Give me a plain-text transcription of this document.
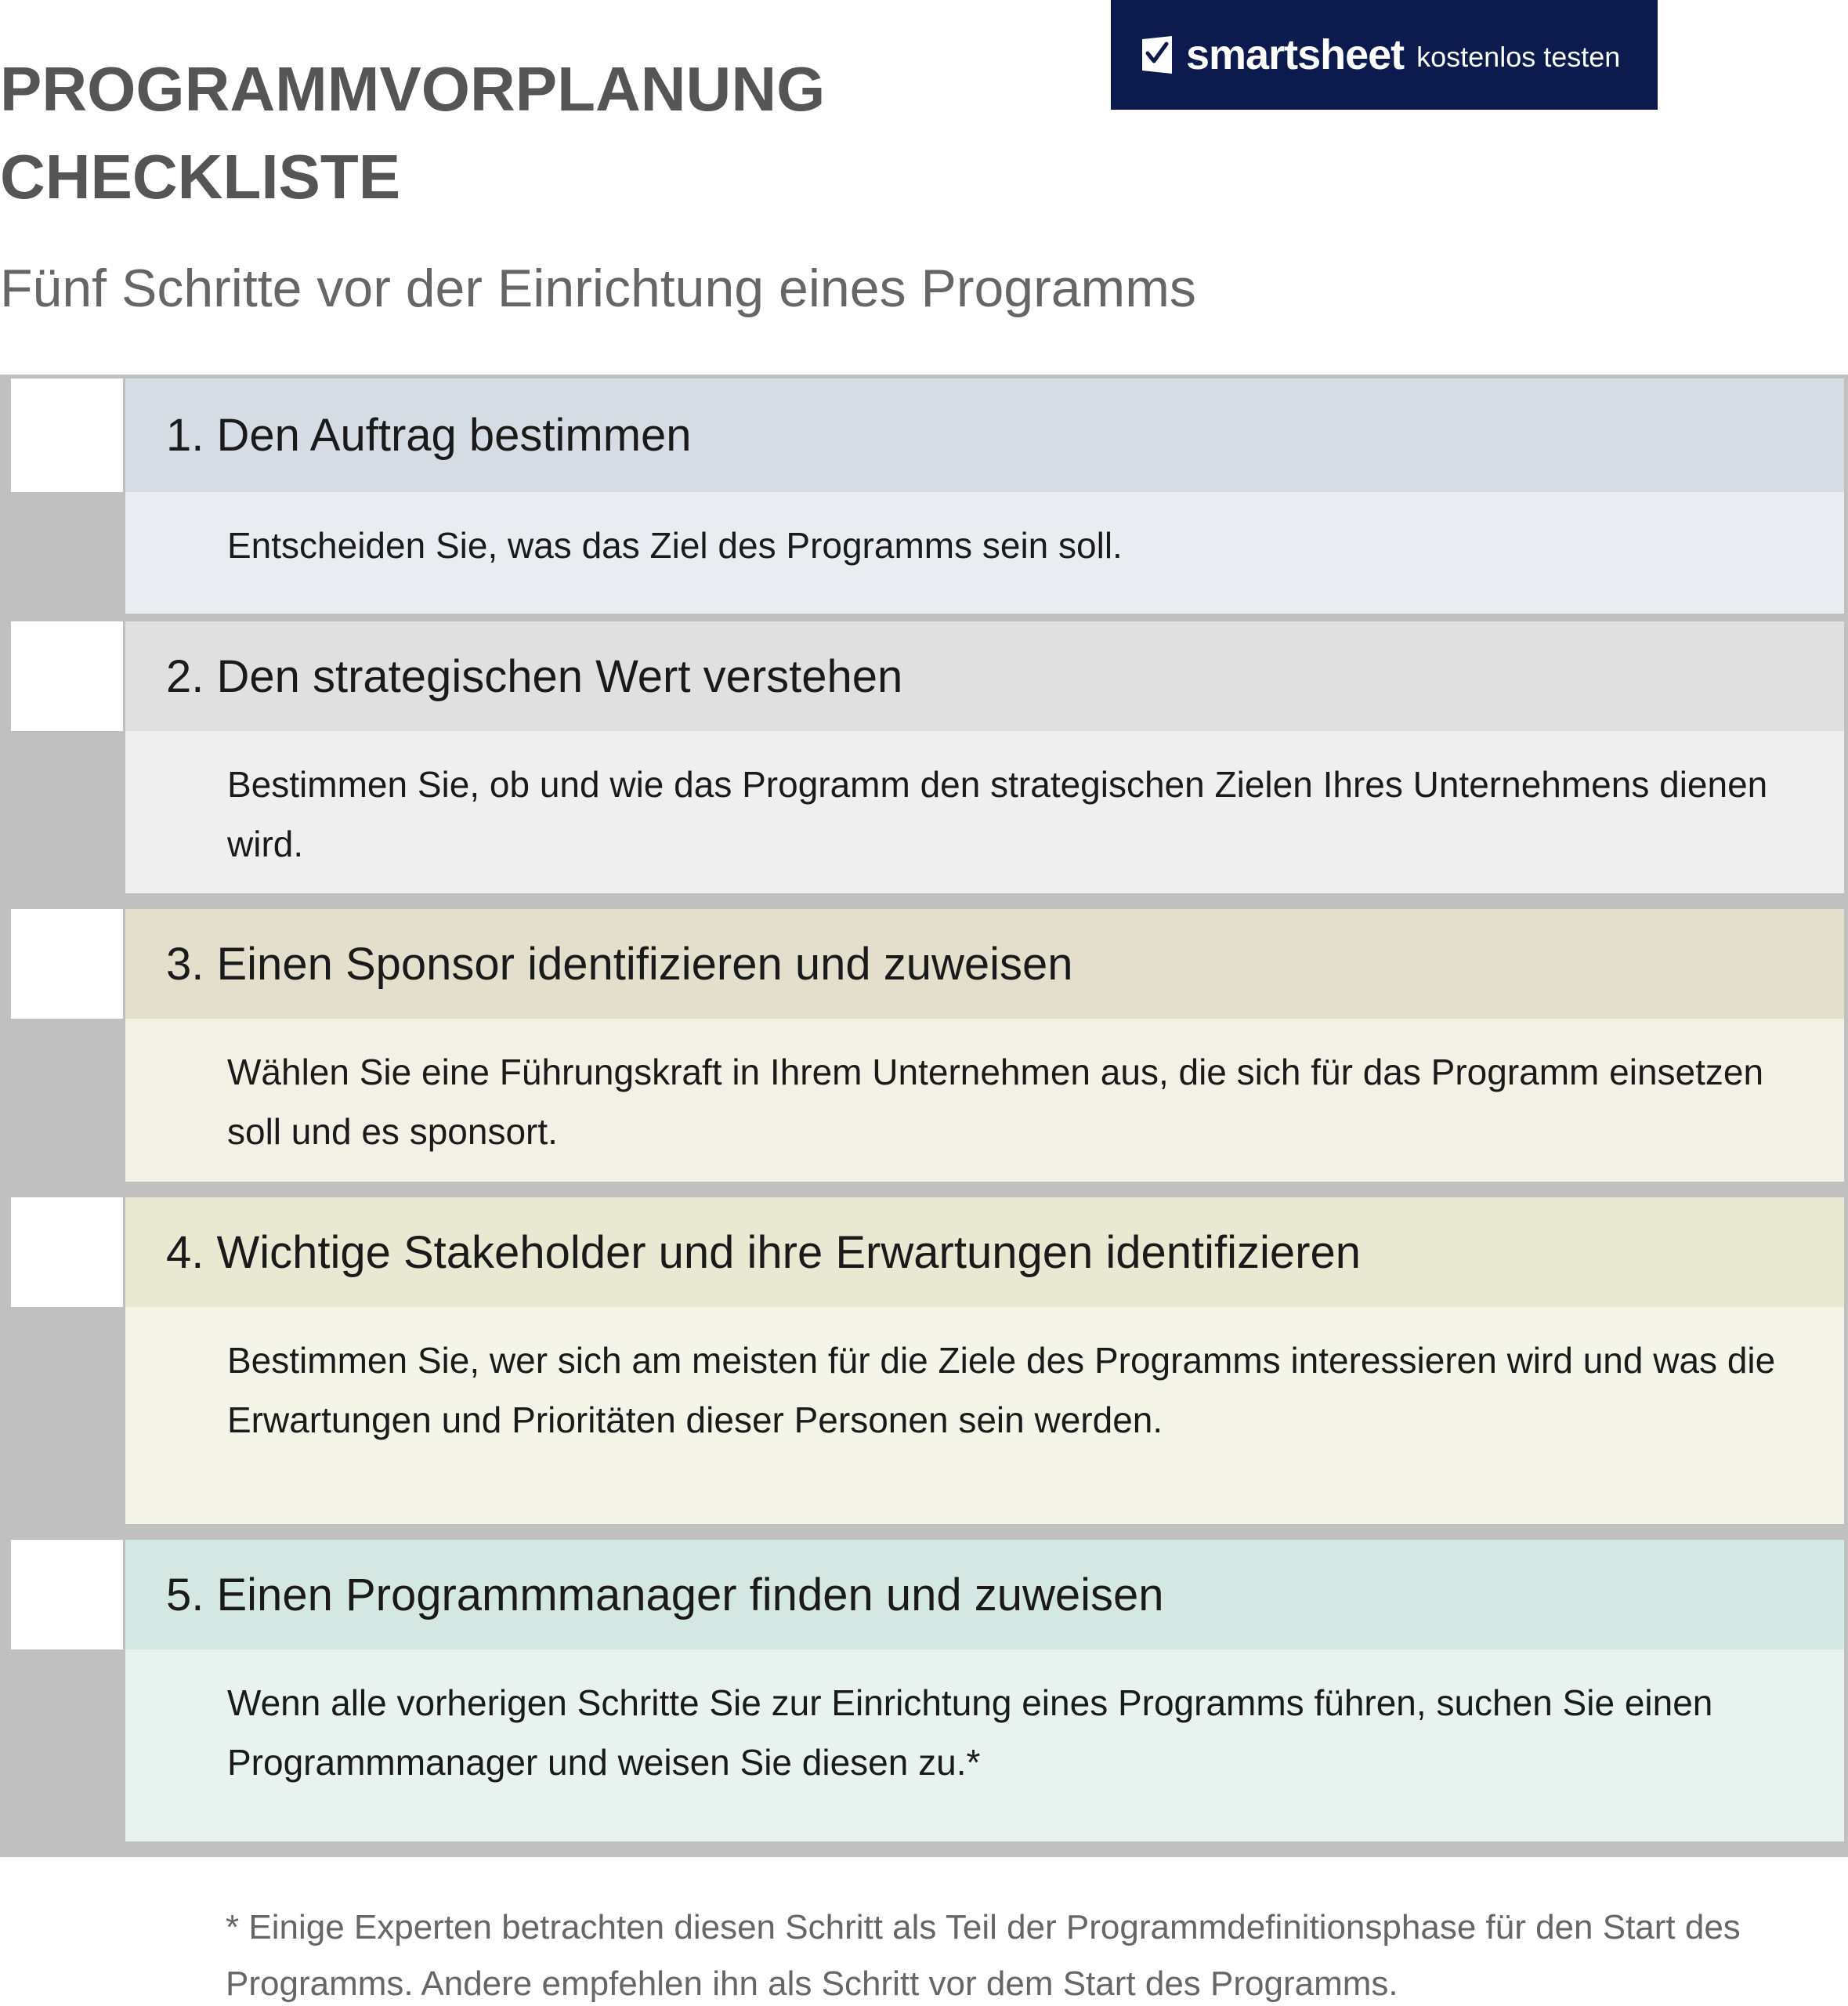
PROGRAMMVORPLANUNG
CHECKLISTE
Fünf Schritte vor der Einrichtung eines Programms
smartsheet kostenlos testen
1. Den Auftrag bestimmen

Entscheiden Sie, was das Ziel des Programms sein soll.

2. Den strategischen Wert verstehen

Bestimmen Sie, ob und wie das Programm den strategischen Zielen Ihres Unternehmens dienen wird.

3. Einen Sponsor identifizieren und zuweisen

Wählen Sie eine Führungskraft in Ihrem Unternehmen aus, die sich für das Programm einsetzen soll und es sponsort.

4. Wichtige Stakeholder und ihre Erwartungen identifizieren

Bestimmen Sie, wer sich am meisten für die Ziele des Programms interessieren wird und was die Erwartungen und Prioritäten dieser Personen sein werden.

5. Einen Programmmanager finden und zuweisen

Wenn alle vorherigen Schritte Sie zur Einrichtung eines Programms führen, suchen Sie einen Programmmanager und weisen Sie diesen zu.*

* Einige Experten betrachten diesen Schritt als Teil der Programmdefinitionsphase für den Start des
Programms. Andere empfehlen ihn als Schritt vor dem Start des Programms.
